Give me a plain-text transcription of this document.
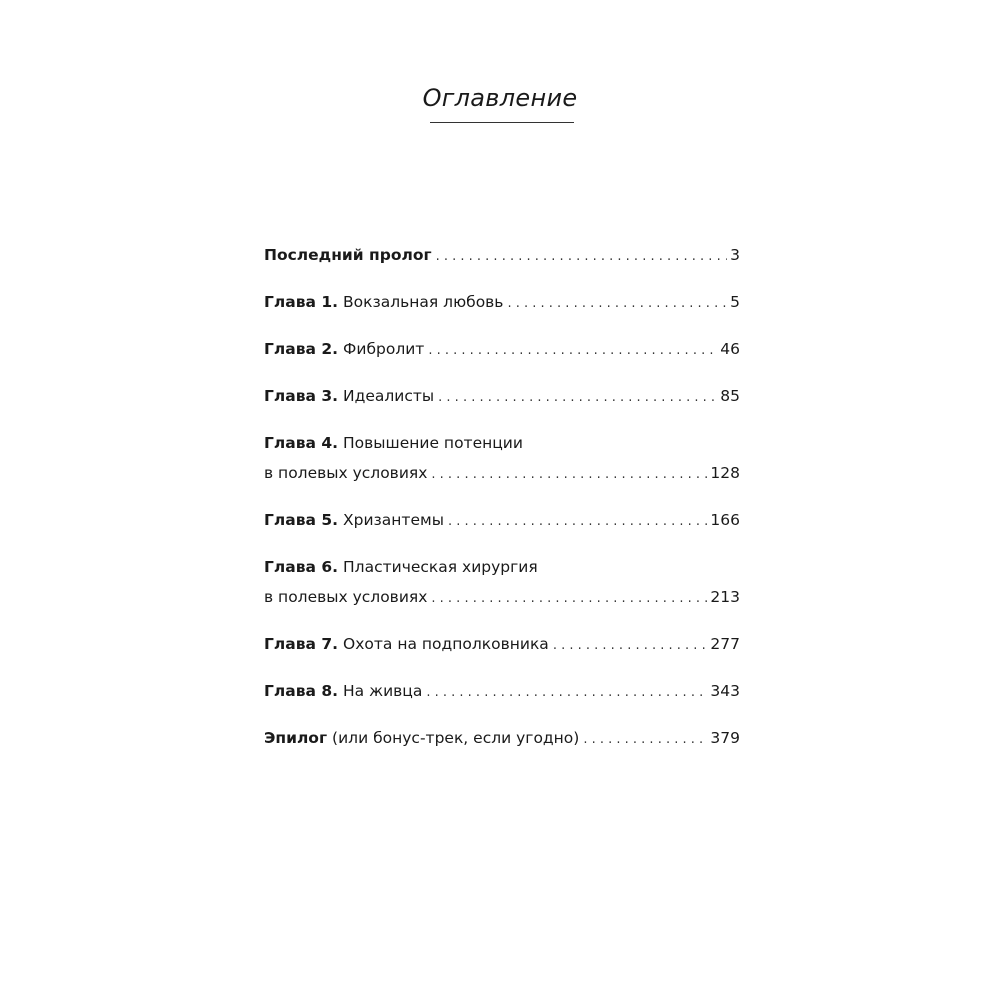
Оглавление
Последний пролог . . .	3
Глава 1. Вокзальная любовь . . .	5
Глава 2. Фибролит . . .	46
Глава 3. Идеалисты . . .	85
Глава 4. Повышение потенции
в полевых условиях . . .	128
Глава 5. Хризантемы . . .	166
Глава 6. Пластическая хирургия
в полевых условиях . . .	213
Глава 7. Охота на подполковника . . .	277
Глава 8. На живца . . .	343
Эпилог (или бонус-трек, если угодно) . . .	379
